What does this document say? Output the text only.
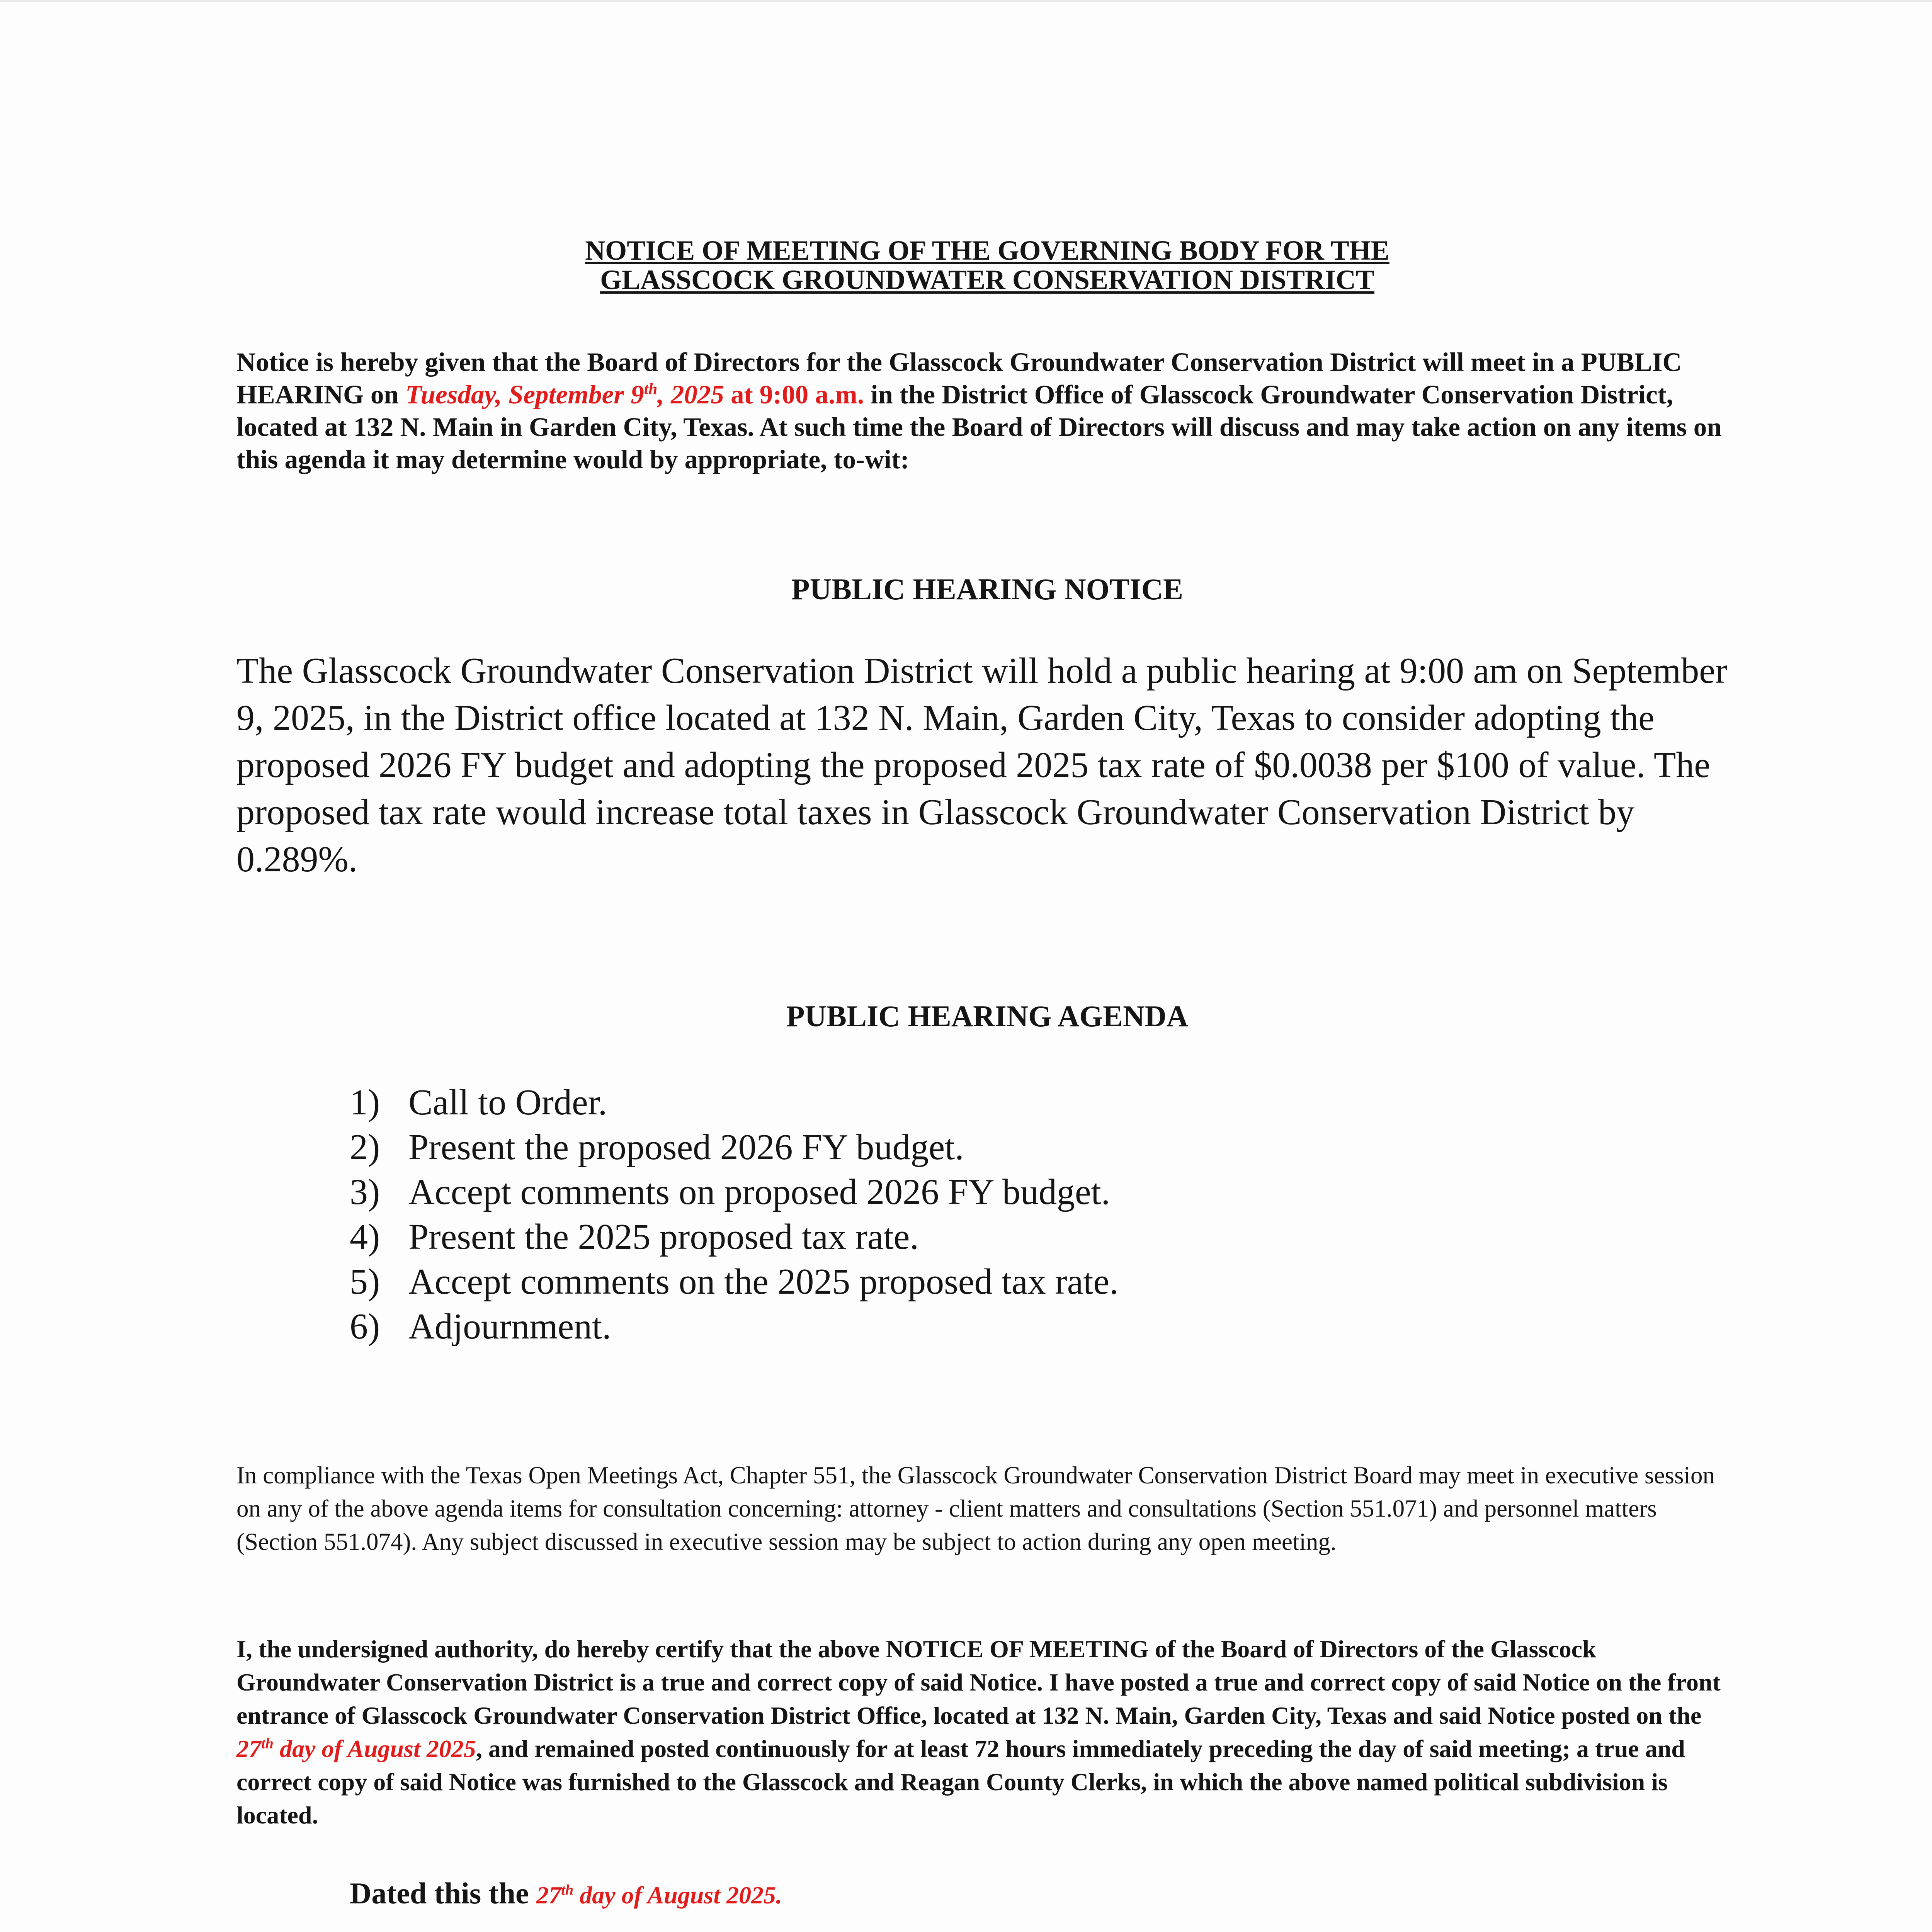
NOTICE OF MEETING OF THE GOVERNING BODY FOR THE
GLASSCOCK GROUNDWATER CONSERVATION DISTRICT

Notice is hereby given that the Board of Directors for the Glasscock Groundwater Conservation District will meet in a PUBLIC HEARING on Tuesday, September 9th, 2025 at 9:00 a.m. in the District Office of Glasscock Groundwater Conservation District, located at 132 N. Main in Garden City, Texas. At such time the Board of Directors will discuss and may take action on any items on this agenda it may determine would by appropriate, to-wit:

PUBLIC HEARING NOTICE

The Glasscock Groundwater Conservation District will hold a public hearing at 9:00 am on September 9, 2025, in the District office located at 132 N. Main, Garden City, Texas to consider adopting the proposed 2026 FY budget and adopting the proposed 2025 tax rate of $0.0038 per $100 of value. The proposed tax rate would increase total taxes in Glasscock Groundwater Conservation District by 0.289%.

PUBLIC HEARING AGENDA
1) Call to Order.
2) Present the proposed 2026 FY budget.
3) Accept comments on proposed 2026 FY budget.
4) Present the 2025 proposed tax rate.
5) Accept comments on the 2025 proposed tax rate.
6) Adjournment.

In compliance with the Texas Open Meetings Act, Chapter 551, the Glasscock Groundwater Conservation District Board may meet in executive session on any of the above agenda items for consultation concerning: attorney - client matters and consultations (Section 551.071) and personnel matters (Section 551.074). Any subject discussed in executive session may be subject to action during any open meeting.

I, the undersigned authority, do hereby certify that the above NOTICE OF MEETING of the Board of Directors of the Glasscock Groundwater Conservation District is a true and correct copy of said Notice. I have posted a true and correct copy of said Notice on the front entrance of Glasscock Groundwater Conservation District Office, located at 132 N. Main, Garden City, Texas and said Notice posted on the 27th day of August 2025, and remained posted continuously for at least 72 hours immediately preceding the day of said meeting; a true and correct copy of said Notice was furnished to the Glasscock and Reagan County Clerks, in which the above named political subdivision is located.

Dated this the 27th day of August 2025.
